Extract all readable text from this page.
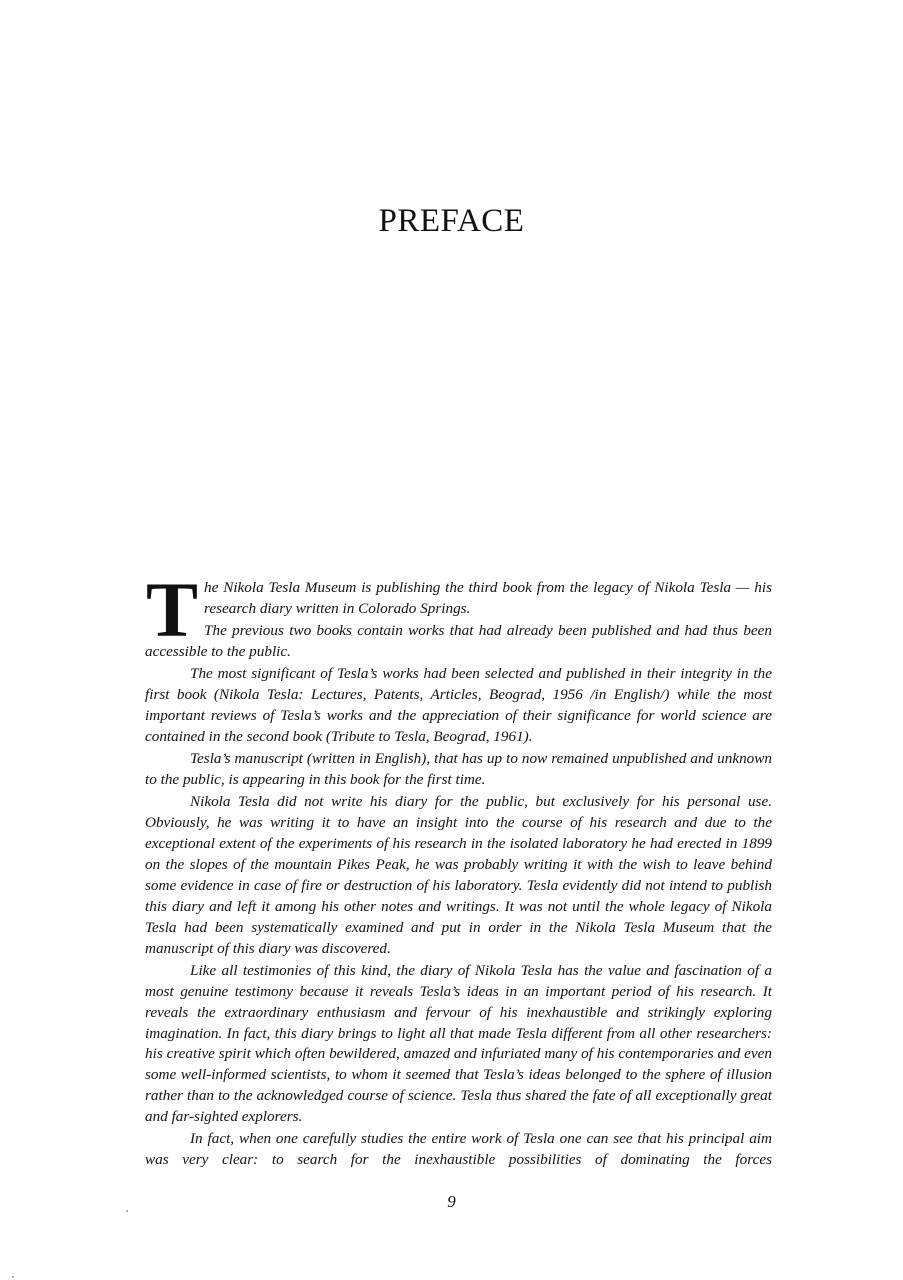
PREFACE

The Nikola Tesla Museum is publishing the third book from the legacy of Nikola Tesla — his research diary written in Colorado Springs.

The previous two books contain works that had already been published and had thus been accessible to the public.

The most significant of Tesla’s works had been selected and published in their integrity in the first book (Nikola Tesla: Lectures, Patents, Articles, Beograd, 1956 /in English/) while the most important reviews of Tesla’s works and the appreciation of their significance for world science are contained in the second book (Tribute to Tesla, Beograd, 1961).

Tesla’s manuscript (written in English), that has up to now remained unpublished and unknown to the public, is appearing in this book for the first time.

Nikola Tesla did not write his diary for the public, but exclusively for his personal use. Obviously, he was writing it to have an insight into the course of his research and due to the exceptional extent of the experiments of his research in the isolated laboratory he had erected in 1899 on the slopes of the mountain Pikes Peak, he was probably writing it with the wish to leave behind some evidence in case of fire or destruction of his laboratory. Tesla evidently did not intend to publish this diary and left it among his other notes and writings. It was not until the whole legacy of Nikola Tesla had been systematically examined and put in order in the Nikola Tesla Museum that the manuscript of this diary was discovered.

Like all testimonies of this kind, the diary of Nikola Tesla has the value and fascination of a most genuine testimony because it reveals Tesla’s ideas in an important period of his research. It reveals the extraordinary enthusiasm and fervour of his inexhaustible and strikingly exploring imagination. In fact, this diary brings to light all that made Tesla different from all other researchers: his creative spirit which often bewildered, amazed and infuriated many of his contemporaries and even some well-informed scientists, to whom it seemed that Tesla’s ideas belonged to the sphere of illusion rather than to the acknowledged course of science. Tesla thus shared the fate of all exceptionally great and far-sighted explorers.

In fact, when one carefully studies the entire work of Tesla one can see that his principal aim was very clear: to search for the inexhaustible possibilities of dominating the forces

9
